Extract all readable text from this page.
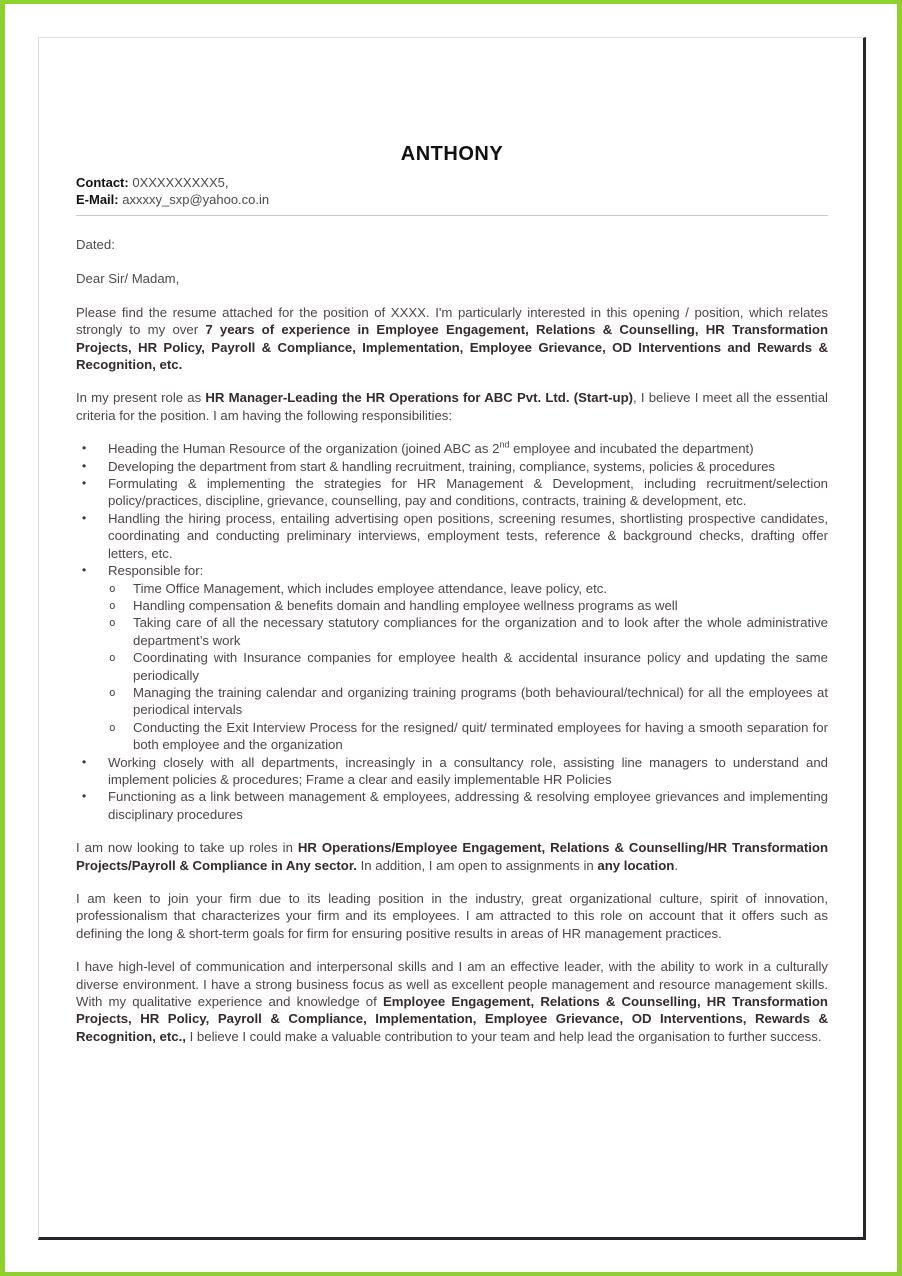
ANTHONY
Contact: 0XXXXXXXXX5,
E-Mail: axxxxy_sxp@yahoo.co.in

Dated:

Dear Sir/ Madam,

Please find the resume attached for the position of XXXX. I'm particularly interested in this opening / position, which relates strongly to my over 7 years of experience in Employee Engagement, Relations & Counselling, HR Transformation Projects, HR Policy, Payroll & Compliance, Implementation, Employee Grievance, OD Interventions and Rewards & Recognition, etc.

In my present role as HR Manager-Leading the HR Operations for ABC Pvt. Ltd. (Start-up), I believe I meet all the essential criteria for the position. I am having the following responsibilities:

• Heading the Human Resource of the organization (joined ABC as 2nd employee and incubated the department)
• Developing the department from start & handling recruitment, training, compliance, systems, policies & procedures
• Formulating & implementing the strategies for HR Management & Development, including recruitment/selection policy/practices, discipline, grievance, counselling, pay and conditions, contracts, training & development, etc.
• Handling the hiring process, entailing advertising open positions, screening resumes, shortlisting prospective candidates, coordinating and conducting preliminary interviews, employment tests, reference & background checks, drafting offer letters, etc.
• Responsible for:
o Time Office Management, which includes employee attendance, leave policy, etc.
o Handling compensation & benefits domain and handling employee wellness programs as well
o Taking care of all the necessary statutory compliances for the organization and to look after the whole administrative department’s work
o Coordinating with Insurance companies for employee health & accidental insurance policy and updating the same periodically
o Managing the training calendar and organizing training programs (both behavioural/technical) for all the employees at periodical intervals
o Conducting the Exit Interview Process for the resigned/ quit/ terminated employees for having a smooth separation for both employee and the organization
• Working closely with all departments, increasingly in a consultancy role, assisting line managers to understand and implement policies & procedures; Frame a clear and easily implementable HR Policies
• Functioning as a link between management & employees, addressing & resolving employee grievances and implementing disciplinary procedures

I am now looking to take up roles in HR Operations/Employee Engagement, Relations & Counselling/HR Transformation Projects/Payroll & Compliance in Any sector. In addition, I am open to assignments in any location.

I am keen to join your firm due to its leading position in the industry, great organizational culture, spirit of innovation, professionalism that characterizes your firm and its employees. I am attracted to this role on account that it offers such as defining the long & short-term goals for firm for ensuring positive results in areas of HR management practices.

I have high-level of communication and interpersonal skills and I am an effective leader, with the ability to work in a culturally diverse environment. I have a strong business focus as well as excellent people management and resource management skills. With my qualitative experience and knowledge of Employee Engagement, Relations & Counselling, HR Transformation Projects, HR Policy, Payroll & Compliance, Implementation, Employee Grievance, OD Interventions, Rewards & Recognition, etc., I believe I could make a valuable contribution to your team and help lead the organisation to further success.
